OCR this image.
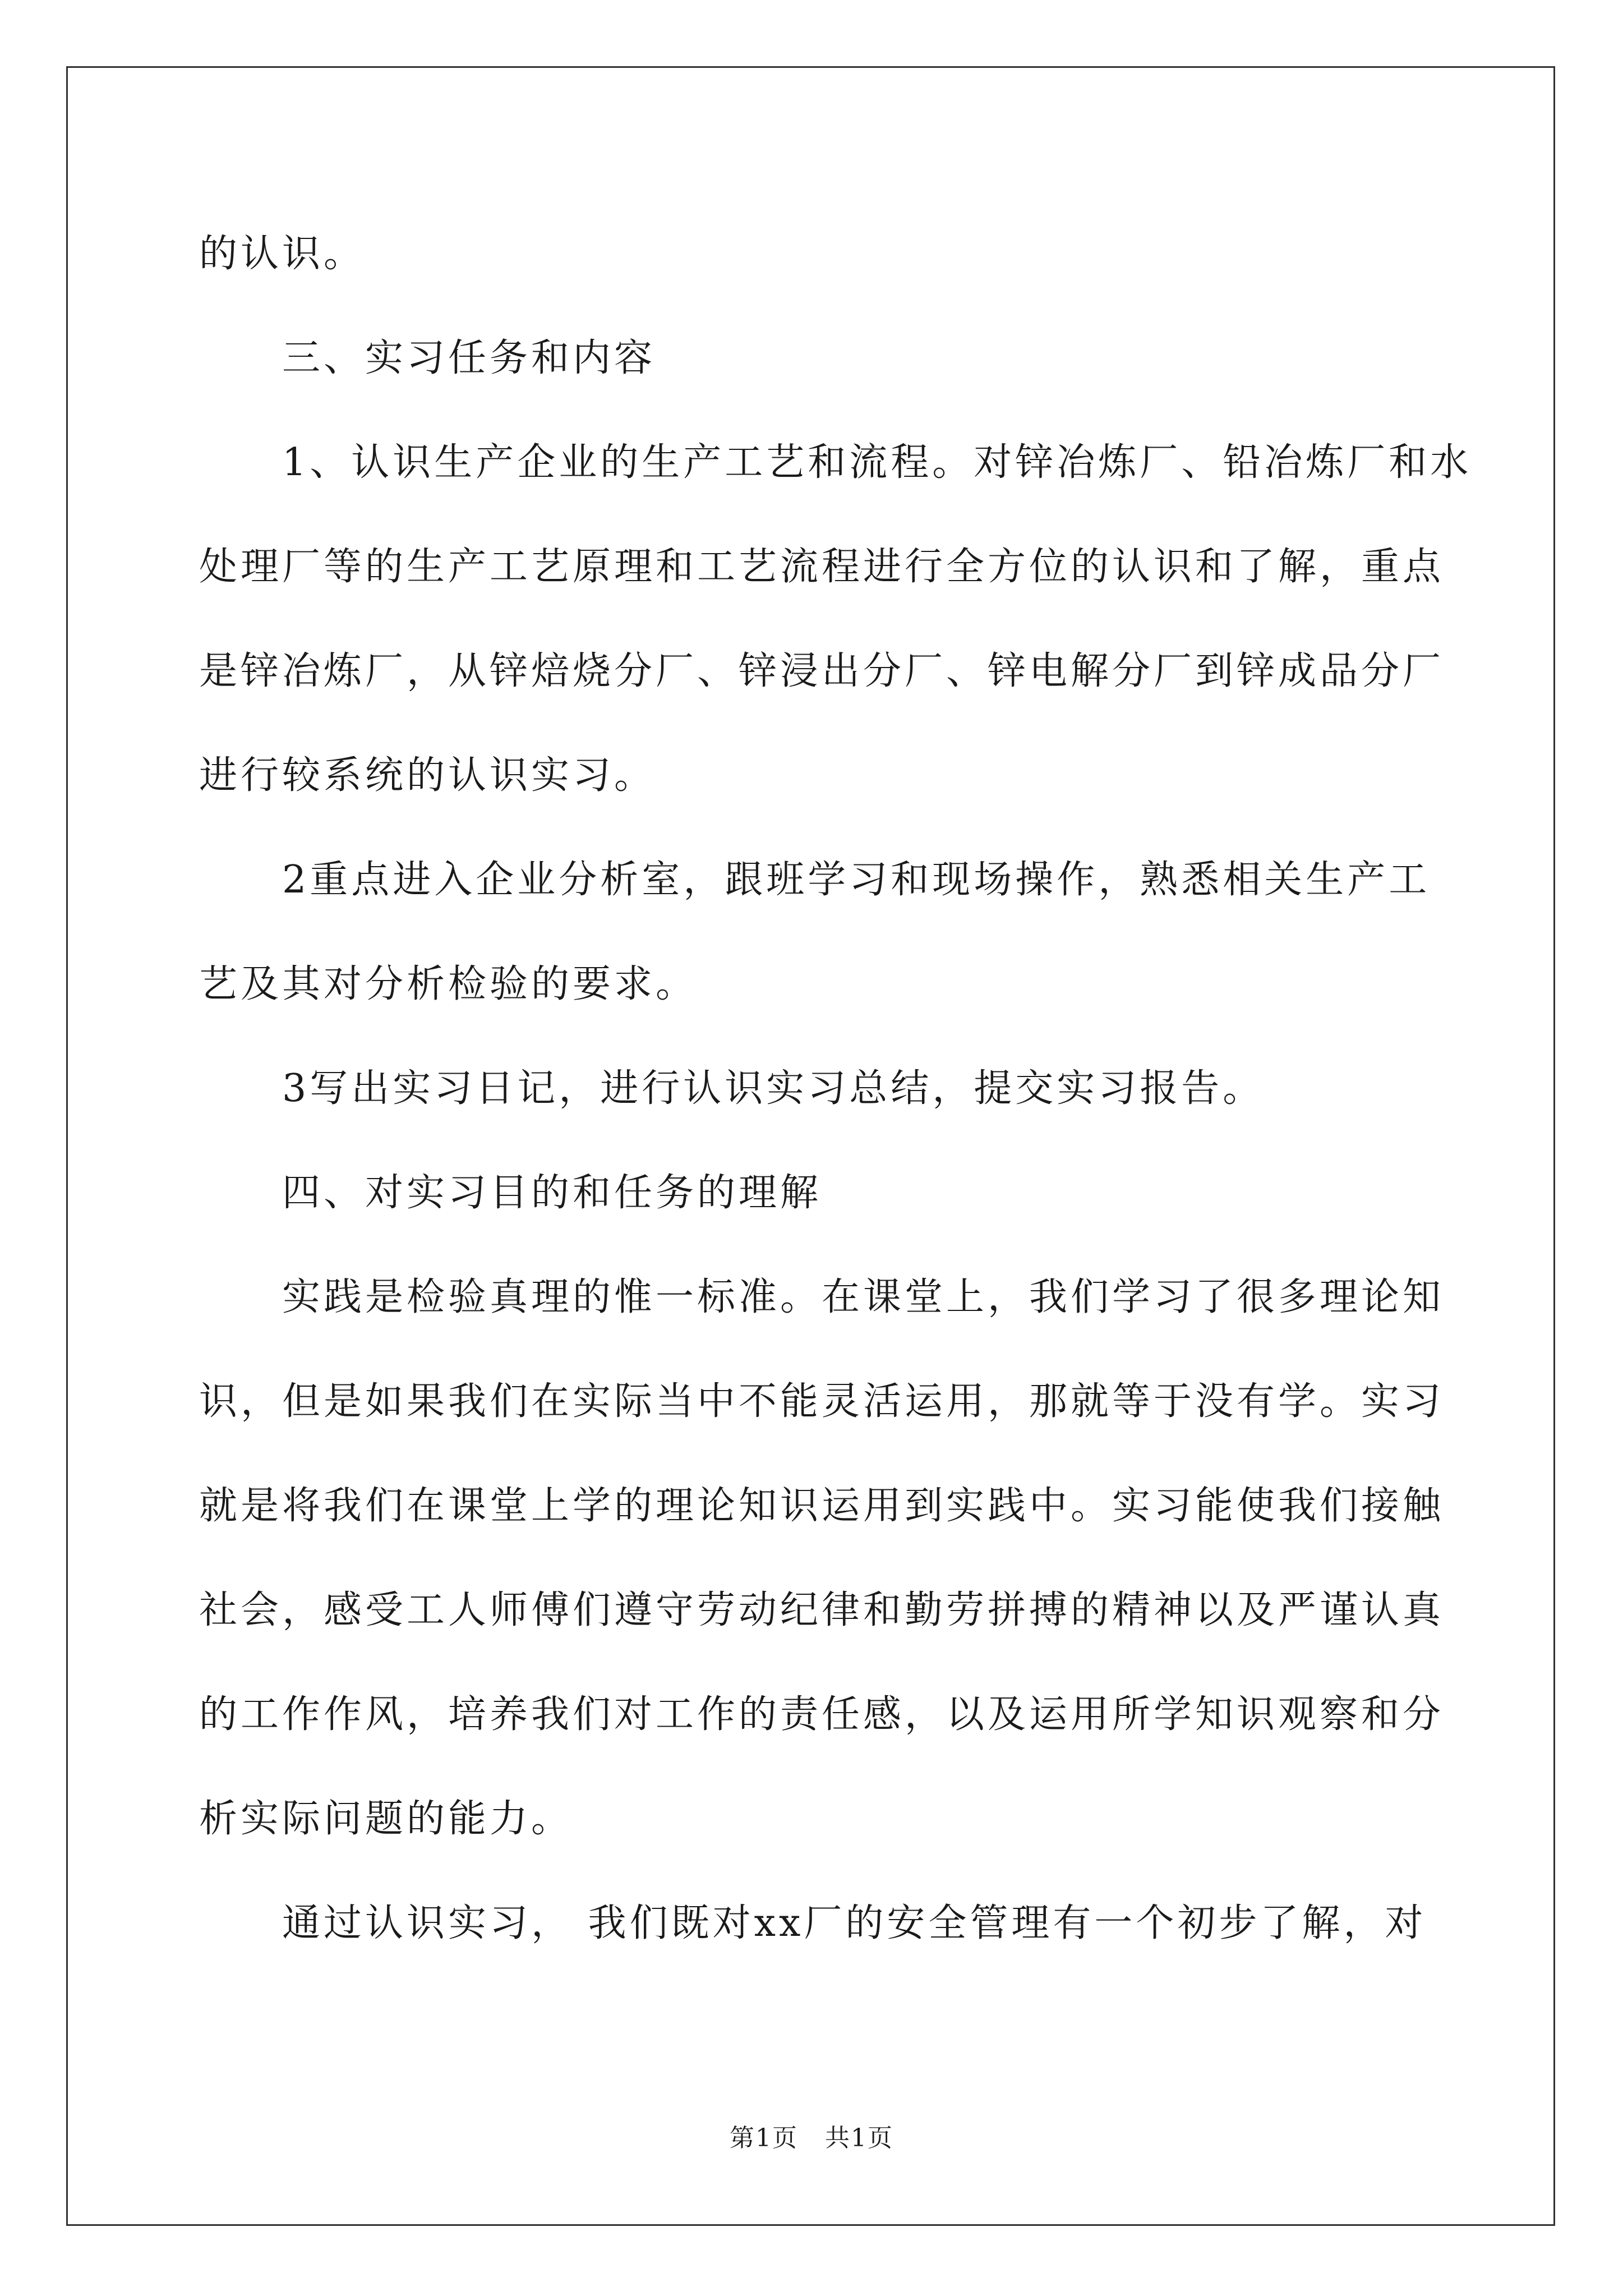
的认识。
三、实习任务和内容
1、认识生产企业的生产工艺和流程。对锌冶炼厂、铅冶炼厂和水
处理厂等的生产工艺原理和工艺流程进行全方位的认识和了解，重点
是锌冶炼厂，从锌焙烧分厂、锌浸出分厂、锌电解分厂到锌成品分厂
进行较系统的认识实习。
2重点进入企业分析室，跟班学习和现场操作，熟悉相关生产工
艺及其对分析检验的要求。
3写出实习日记，进行认识实习总结，提交实习报告。
四、对实习目的和任务的理解
实践是检验真理的惟一标准。在课堂上，我们学习了很多理论知
识，但是如果我们在实际当中不能灵活运用，那就等于没有学。实习
就是将我们在课堂上学的理论知识运用到实践中。实习能使我们接触
社会，感受工人师傅们遵守劳动纪律和勤劳拼搏的精神以及严谨认真
的工作作风，培养我们对工作的责任感，以及运用所学知识观察和分
析实际问题的能力。
通过认识实习， 我们既对xx厂的安全管理有一个初步了解，对
第1页 共1页
